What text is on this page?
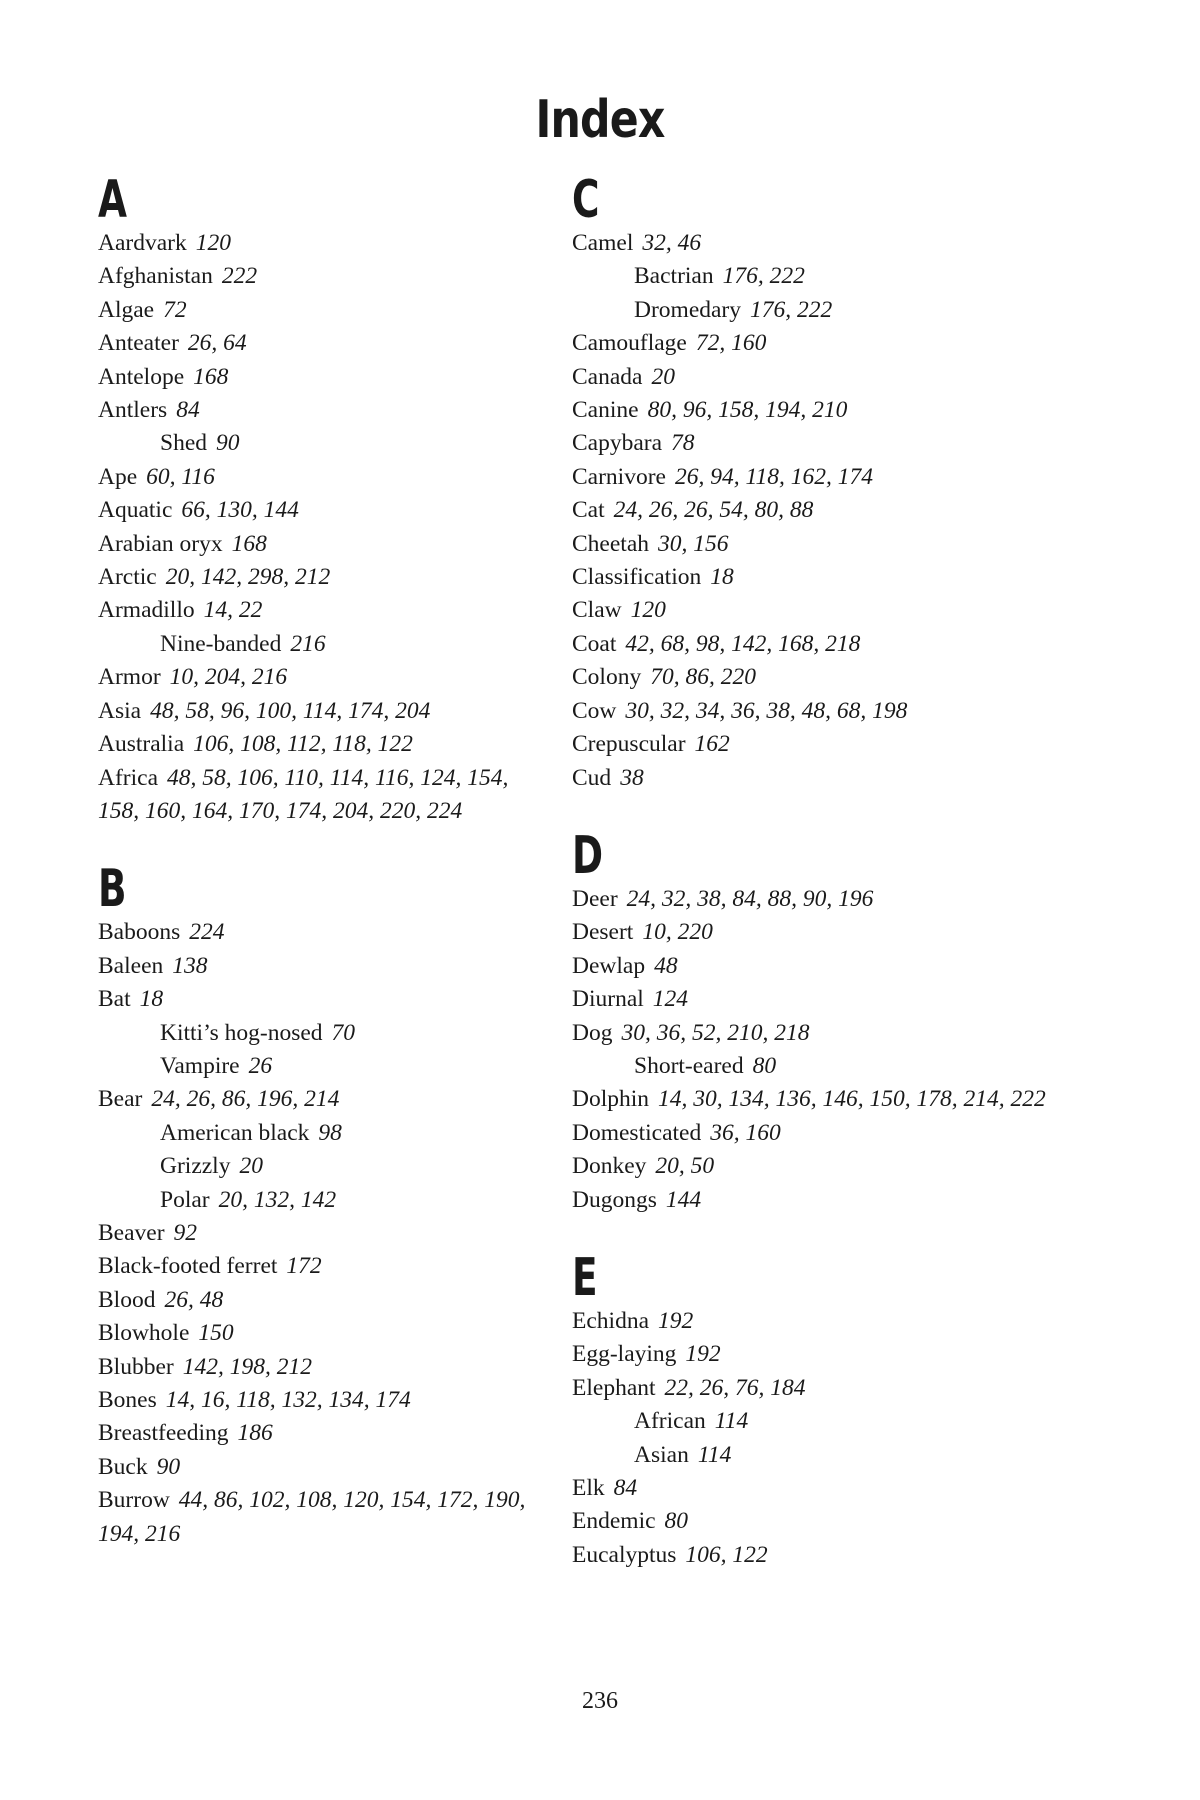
Index
A
Aardvark 120
Afghanistan 222
Algae 72
Anteater 26, 64
Antelope 168
Antlers 84
Shed 90
Ape 60, 116
Aquatic 66, 130, 144
Arabian oryx 168
Arctic 20, 142, 298, 212
Armadillo 14, 22
Nine-banded 216
Armor 10, 204, 216
Asia 48, 58, 96, 100, 114, 174, 204
Australia 106, 108, 112, 118, 122
Africa 48, 58, 106, 110, 114, 116, 124, 154, 158, 160, 164, 170, 174, 204, 220, 224
B
Baboons 224
Baleen 138
Bat 18
Kitti’s hog-nosed 70
Vampire 26
Bear 24, 26, 86, 196, 214
American black 98
Grizzly 20
Polar 20, 132, 142
Beaver 92
Black-footed ferret 172
Blood 26, 48
Blowhole 150
Blubber 142, 198, 212
Bones 14, 16, 118, 132, 134, 174
Breastfeeding 186
Buck 90
Burrow 44, 86, 102, 108, 120, 154, 172, 190, 194, 216
C
Camel 32, 46
Bactrian 176, 222
Dromedary 176, 222
Camouflage 72, 160
Canada 20
Canine 80, 96, 158, 194, 210
Capybara 78
Carnivore 26, 94, 118, 162, 174
Cat 24, 26, 26, 54, 80, 88
Cheetah 30, 156
Classification 18
Claw 120
Coat 42, 68, 98, 142, 168, 218
Colony 70, 86, 220
Cow 30, 32, 34, 36, 38, 48, 68, 198
Crepuscular 162
Cud 38
D
Deer 24, 32, 38, 84, 88, 90, 196
Desert 10, 220
Dewlap 48
Diurnal 124
Dog 30, 36, 52, 210, 218
Short-eared 80
Dolphin 14, 30, 134, 136, 146, 150, 178, 214, 222
Domesticated 36, 160
Donkey 20, 50
Dugongs 144
E
Echidna 192
Egg-laying 192
Elephant 22, 26, 76, 184
African 114
Asian 114
Elk 84
Endemic 80
Eucalyptus 106, 122
236
